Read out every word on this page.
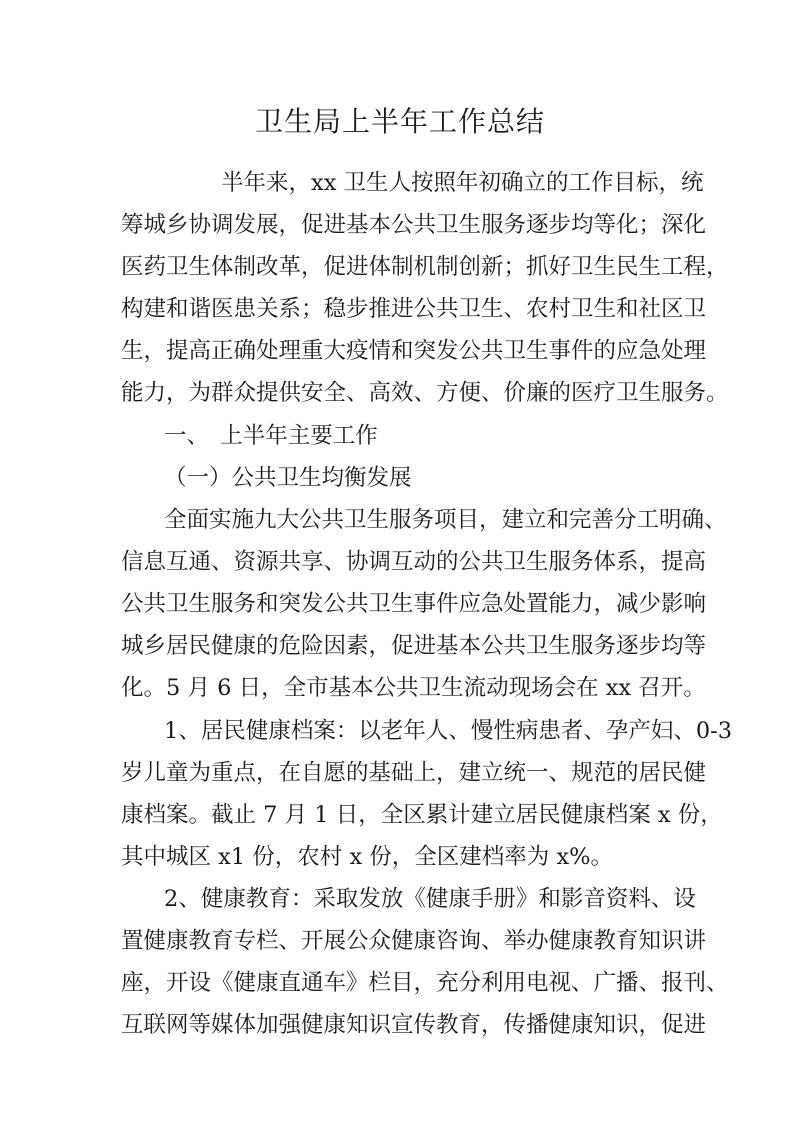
卫生局上半年工作总结

半年来，xx 卫生人按照年初确立的工作目标，统

筹城乡协调发展，促进基本公共卫生服务逐步均等化；深化

医药卫生体制改革，促进体制机制创新；抓好卫生民生工程，

构建和谐医患关系；稳步推进公共卫生、农村卫生和社区卫

生，提高正确处理重大疫情和突发公共卫生事件的应急处理

能力，为群众提供安全、高效、方便、价廉的医疗卫生服务。

一、　上半年主要工作

（一）公共卫生均衡发展

全面实施九大公共卫生服务项目，建立和完善分工明确、

信息互通、资源共享、协调互动的公共卫生服务体系，提高

公共卫生服务和突发公共卫生事件应急处置能力，减少影响

城乡居民健康的危险因素，促进基本公共卫生服务逐步均等

化。5 月 6 日，全市基本公共卫生流动现场会在 xx 召开。

1、居民健康档案：以老年人、慢性病患者、孕产妇、0-3

岁儿童为重点，在自愿的基础上，建立统一、规范的居民健

康档案。截止 7 月 1 日，全区累计建立居民健康档案 x 份，

其中城区 x1 份，农村 x 份，全区建档率为 x%。

2、健康教育：采取发放《健康手册》和影音资料、设

置健康教育专栏、开展公众健康咨询、举办健康教育知识讲

座，开设《健康直通车》栏目，充分利用电视、广播、报刊、

互联网等媒体加强健康知识宣传教育，传播健康知识，促进
